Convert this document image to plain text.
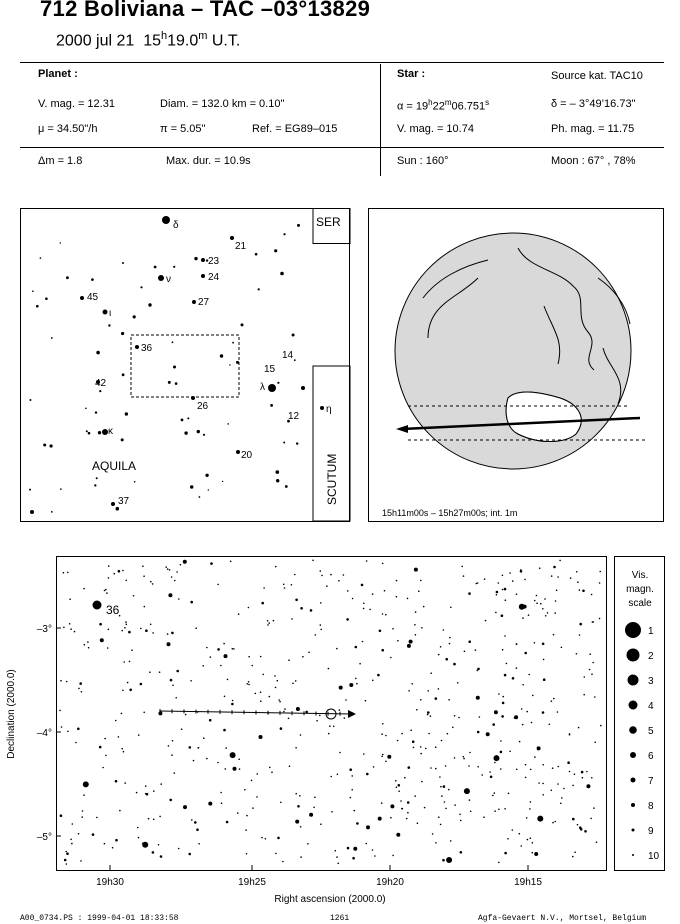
712 Boliviana – TAC –03°13829
2000 jul 21 15$^h$19.0$^m$ U.T.
Planet :
V. mag. = 12.31	Diam. = 132.0 km = 0.10"
μ = 34.50"/h	π = 5.05"	Ref. = EG89–015
Star :	Source kat. TAC10
$\alpha = 19^h22^m06.751^s$	δ = – 3°49’16.73"
V. mag. = 10.74	Ph. mag. = 11.75
Δm = 1.8	Max. dur. = 10.9s	Sun : 160°	Moon : 67° , 78%
SER
SCUTUM
AQUILA
δ
21
23
ν	24
45	27
ι
36
14
15
λ
42
26
12
η
κ
20
37
15h11m00s – 15h27m00s; int. 1m
36
19h30	19h25	19h20	19h15
–3°
–4°
–5°
Right ascension (2000.0)
Declination (2000.0)
Vis.
magn.
scale
1
2
3
4
5
6
7
8
9
10
A00_0734.PS : 1999-04-01 18:33:58	1261	Agfa-Gevaert N.V., Mortsel, Belgium
